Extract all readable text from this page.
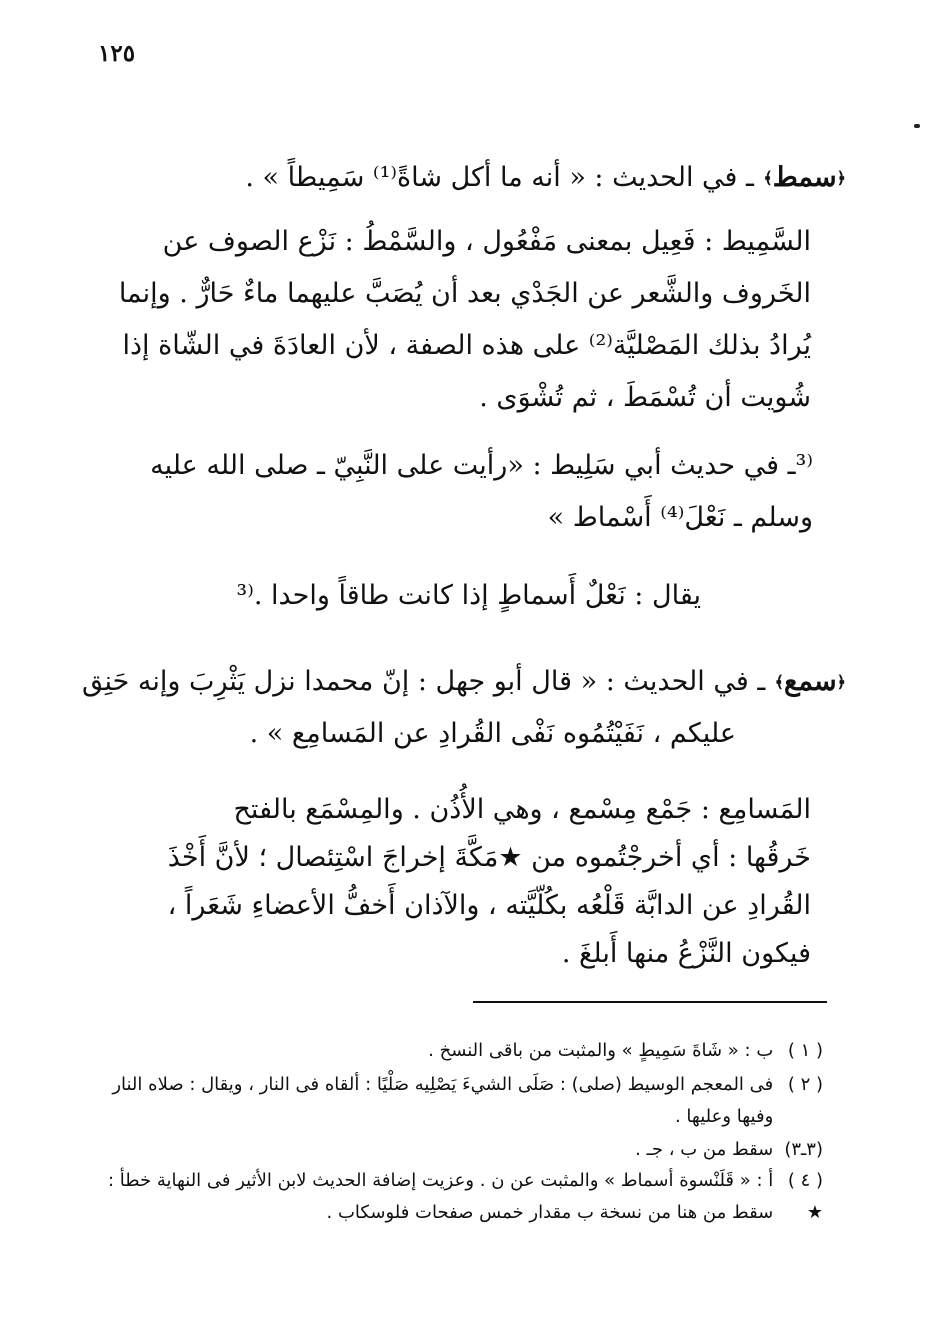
١٢٥
﴿سمط﴾ ـ في الحديث : « أنه ما أكل شاةً⁽¹⁾ سَمِيطاً » .
السَّمِيط : فَعِيل بمعنى مَفْعُول ، والسَّمْطُ : نَزْع الصوف عن
الخَروف والشَّعر عن الجَدْي بعد أن يُصَبَّ عليهما ماءٌ حَارٌّ . وإنما
يُرادُ بذلك المَصْليَّة⁽²⁾ على هذه الصفة ، لأن العادَةَ في الشّاة إذا
شُويت أن تُسْمَطَ ، ثم تُشْوَى .
⁽³ـ في حديث أبي سَلِيط : «رأيت على النَّبِيّ ـ صلى الله عليه
وسلم ـ نَعْلَ⁽⁴⁾ أَسْماط »
يقال : نَعْلٌ أَسماطٍ إذا كانت طاقاً واحدا .⁽³
﴿سمع﴾ ـ في الحديث : « قال أبو جهل : إنّ محمدا نزل يَثْرِبَ وإنه حَنِق
عليكم ، نَفَيْتُمُوه نَفْى القُرادِ عن المَسامِع » .
المَسامِع : جَمْع مِسْمع ، وهي الأُذُن . والمِسْمَع بالفتح
خَرقُها : أي أخرجْتُموه من ★مَكَّةَ إخراجَ اسْتِئصال ؛ لأنَّ أَخْذَ
القُرادِ عن الدابَّة قَلْعُه بكُلّيَّته ، والآذان أَخفُّ الأعضاءِ شَعَراً ،
فيكون النَّزْعُ منها أَبلغَ .
( ١ ) ب : « شَاةَ سَمِيطٍ » والمثبت من باقى النسخ .
( ٢ ) فى المعجم الوسيط (صلى) : صَلَى الشيءَ يَصْلِيه صَلْيًا : ألقاه فى النار ، ويقال : صلاه النار
وفيها وعليها .
(٣ـ٣) سقط من ب ، جـ .
( ٤ ) أ : « قَلَنْسوة أسماط » والمثبت عن ن . وعزيت إضافة الحديث لابن الأثير فى النهاية خطأ :
★ سقط من هنا من نسخة ب مقدار خمس صفحات فلوسكاب .
